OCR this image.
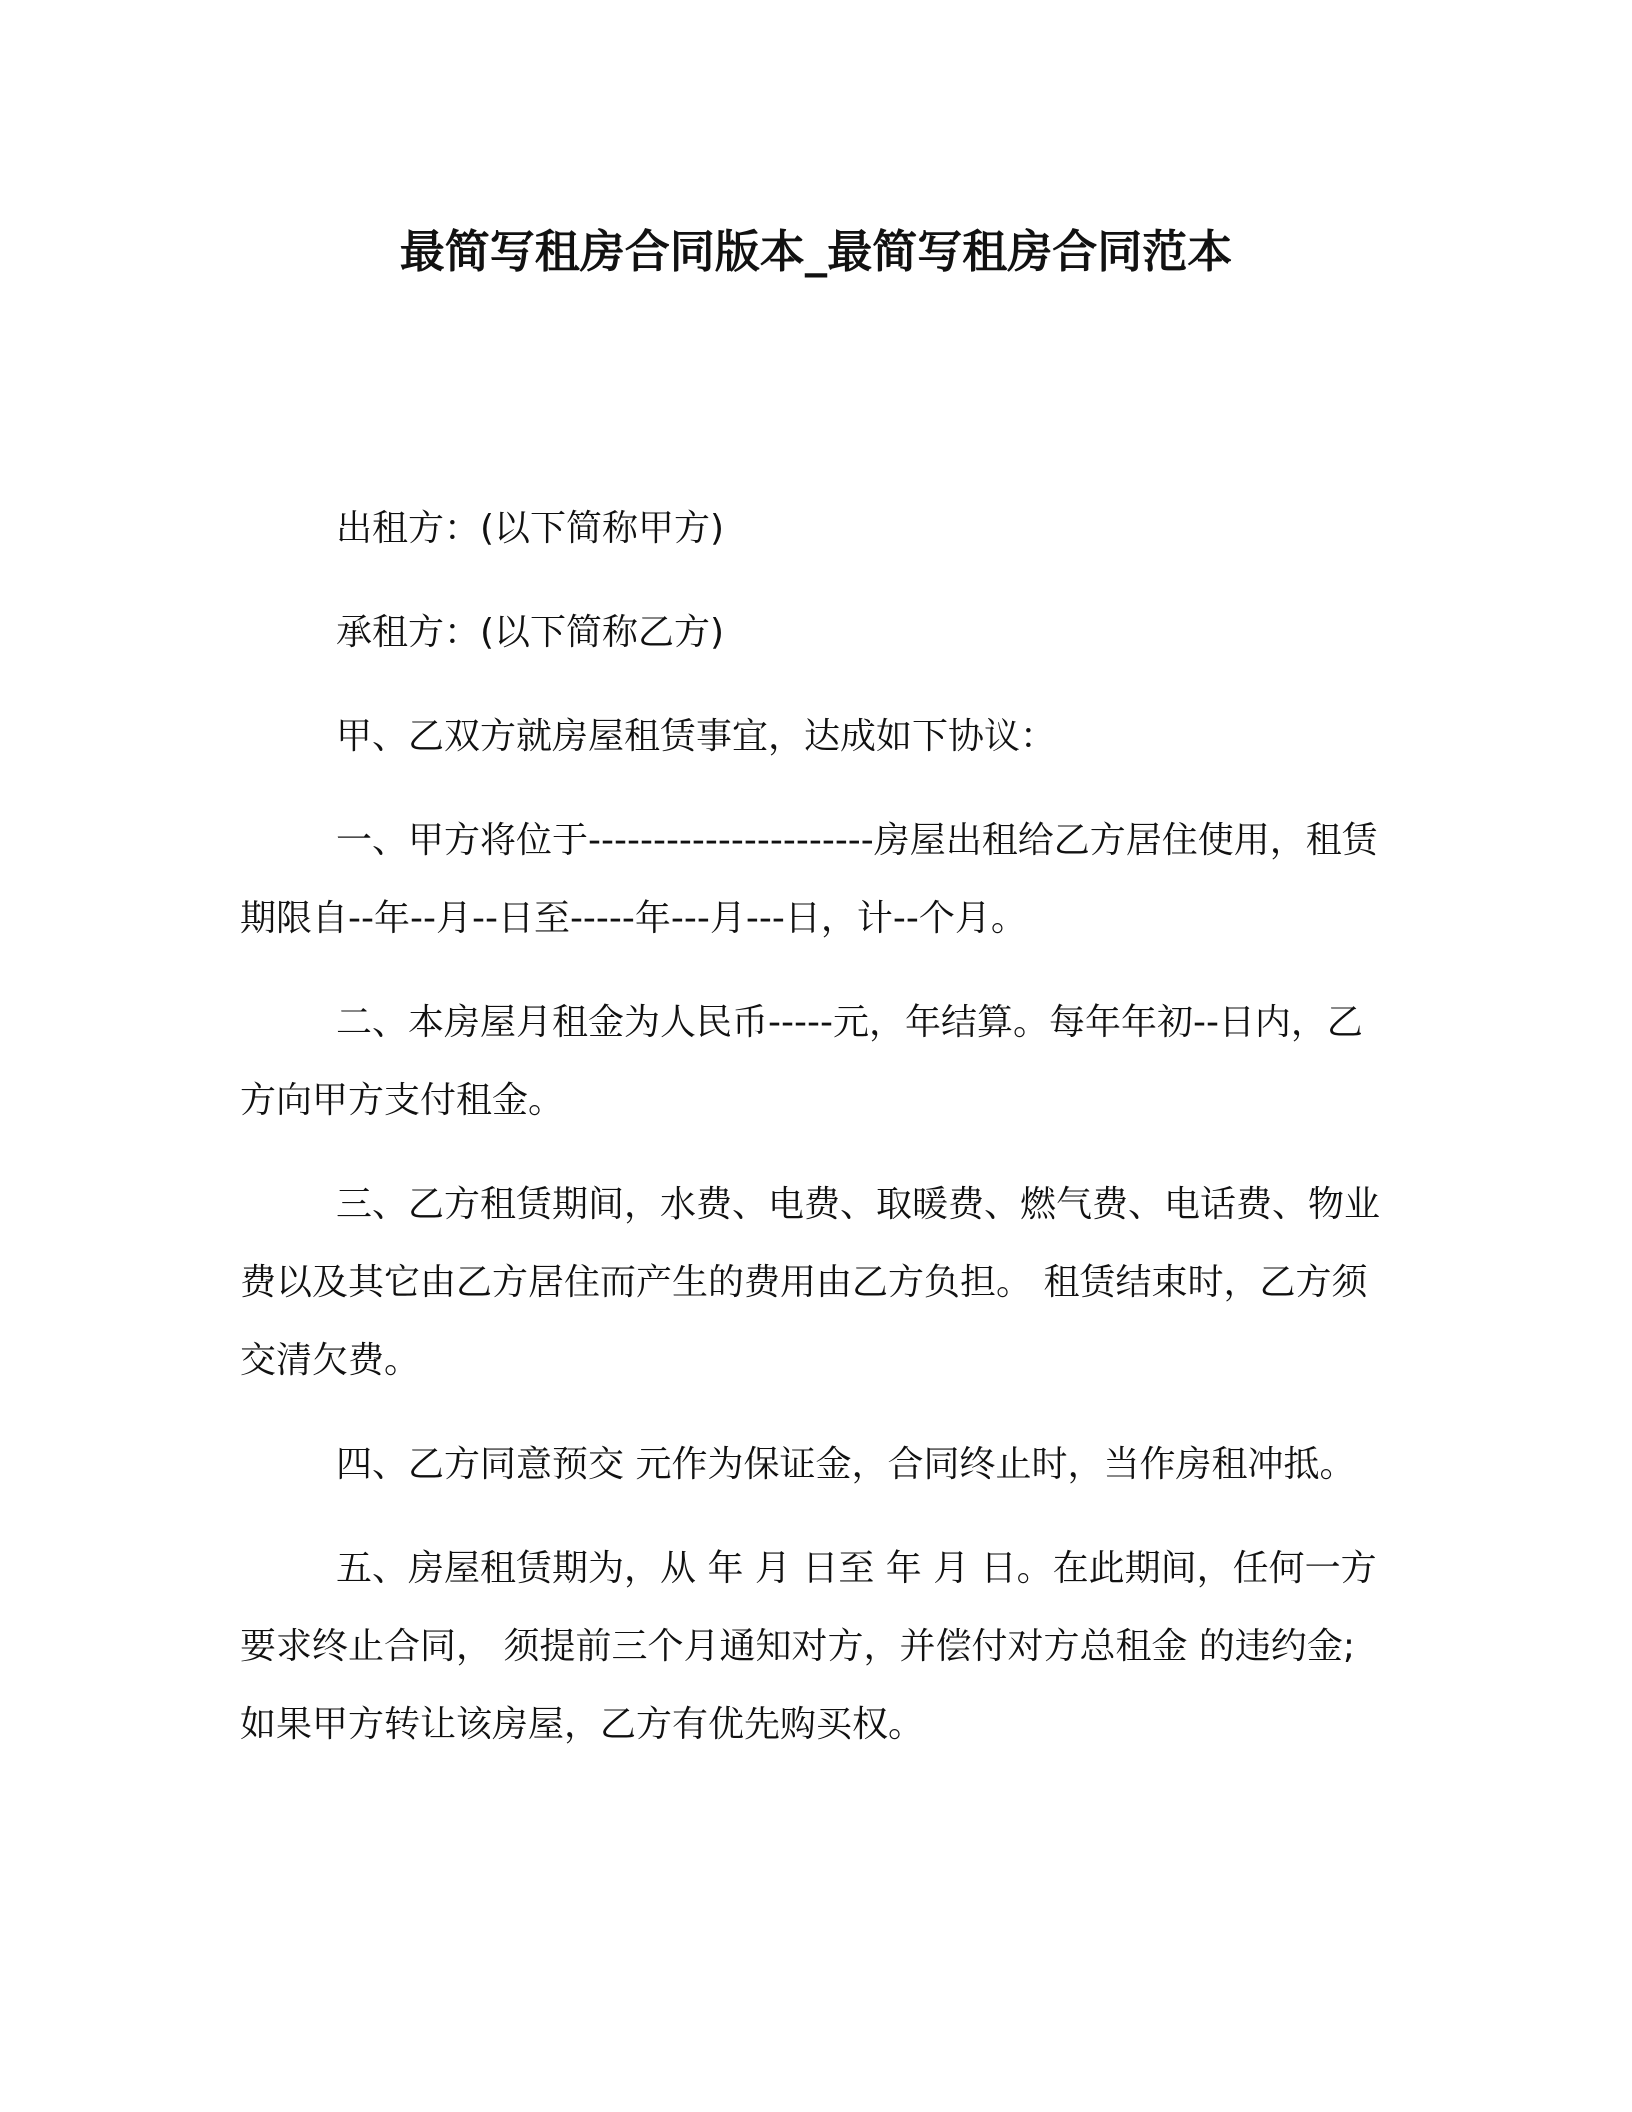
最简写租房合同版本_最简写租房合同范本

出租方：(以下简称甲方)

承租方：(以下简称乙方)

甲、乙双方就房屋租赁事宜，达成如下协议：

一、甲方将位于----------------------房屋出租给乙方居住使用，租赁期限自--年--月--日至-----年---月---日，计--个月。

二、本房屋月租金为人民币-----元，年结算。每年年初--日内，乙方向甲方支付租金。

三、乙方租赁期间，水费、电费、取暖费、燃气费、电话费、物业费以及其它由乙方居住而产生的费用由乙方负担。 租赁结束时，乙方须交清欠费。

四、乙方同意预交 元作为保证金，合同终止时，当作房租冲抵。

五、房屋租赁期为，从 年 月 日至 年 月 日。在此期间，任何一方要求终止合同， 须提前三个月通知对方，并偿付对方总租金 的违约金;如果甲方转让该房屋，乙方有优先购买权。
